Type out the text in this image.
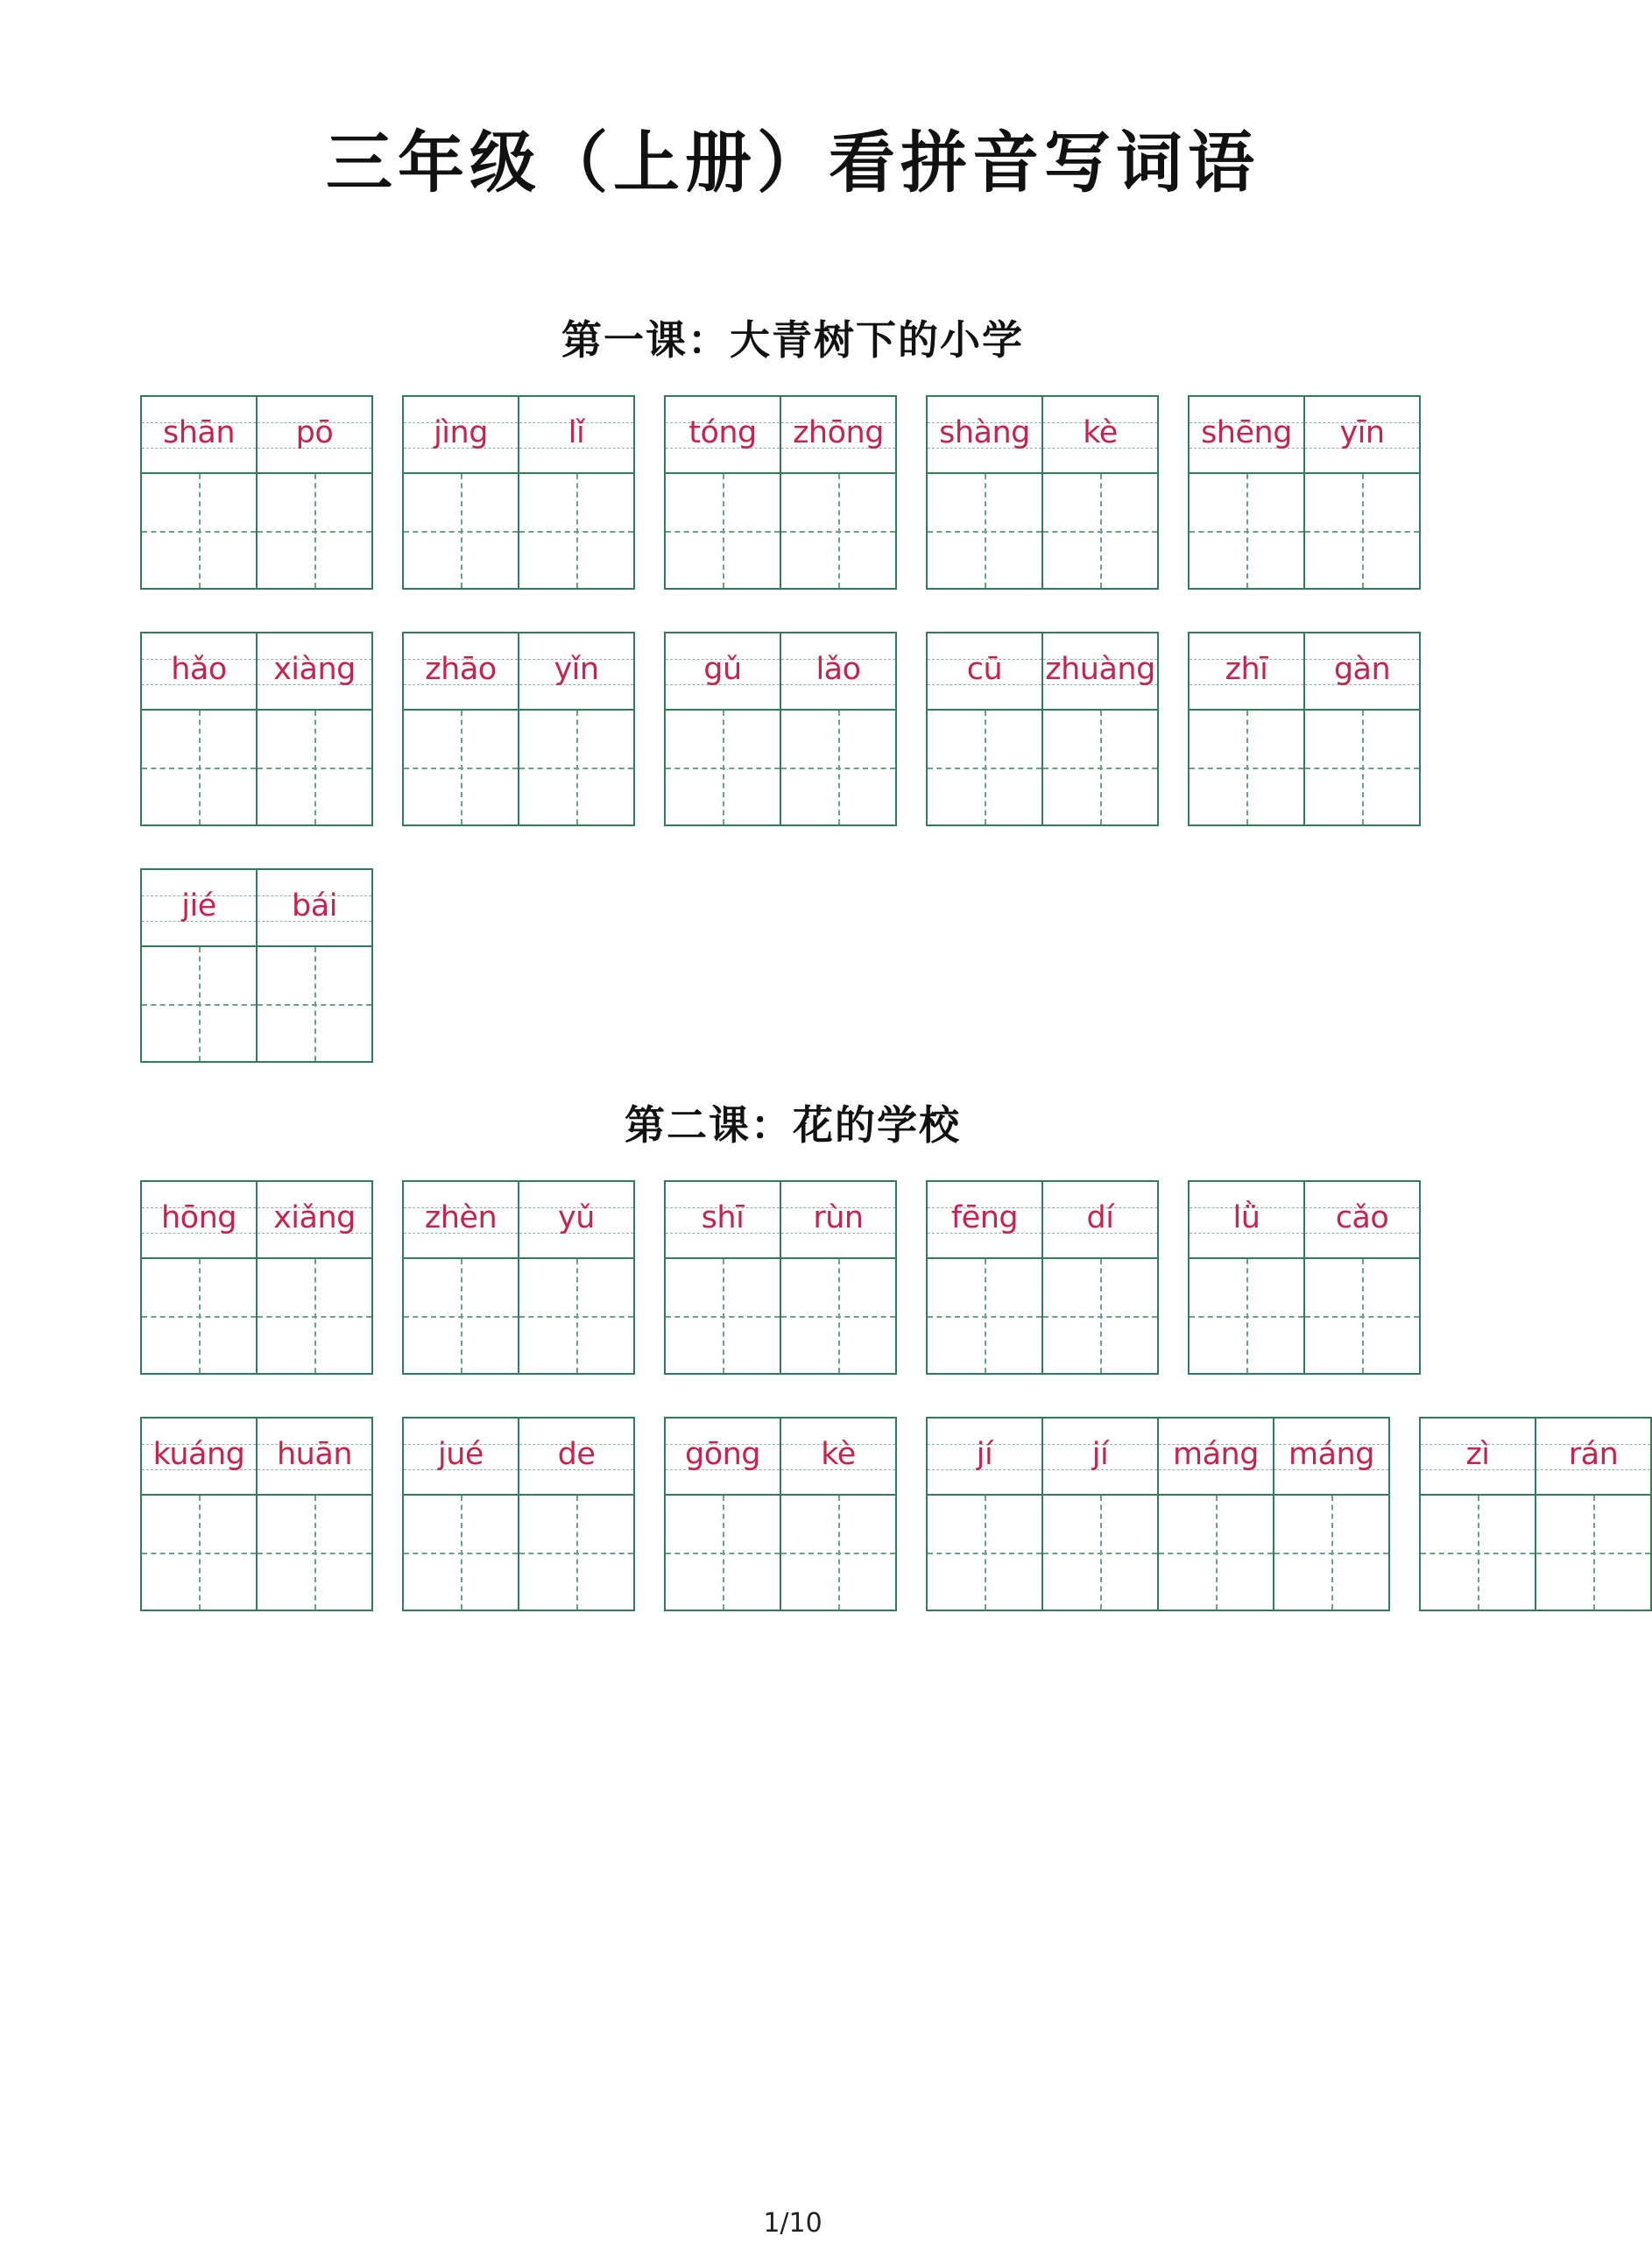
三年级（上册）看拼音写词语
第一课：大青树下的小学
shān	pō	jìng	lǐ	tóng	zhōng	shàng	kè	shēng	yīn
hǎo	xiàng	zhāo	yǐn	gǔ	lǎo	cū	zhuàng	zhī	gàn
jié	bái
第二课：花的学校
hōng	xiǎng	zhèn	yǔ	shī	rùn	fēng	dí	lǜ	cǎo
kuáng	huān	jué	de	gōng	kè	jí	jí	máng máng	zì	rán
1/10
